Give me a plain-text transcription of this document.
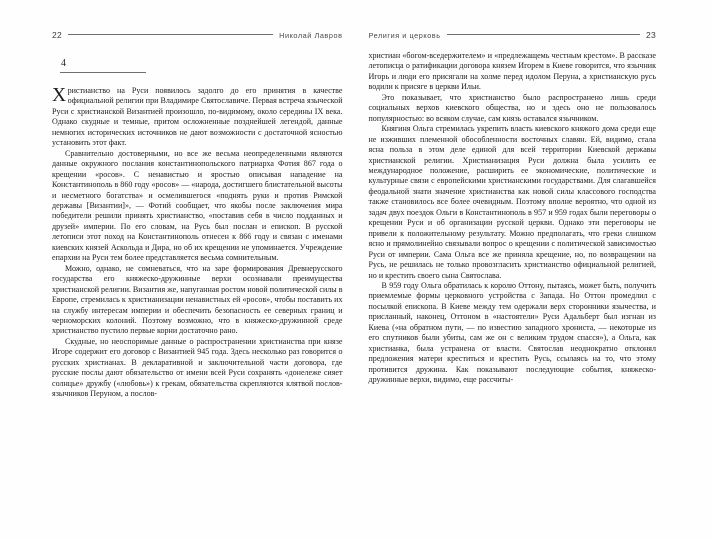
22	Николай Лавров
4

Христианство на Руси появилось задолго до его принятия в качестве официальной религии при Владимире Святославиче. Первая встреча языческой Руси с христианской Византией произошло, по-видимому, около середины IX века. Однако скудные и темные, притом осложненные позднейшей легендой, данные немногих исторических источников не дают возможности с достаточной ясностью установить этот факт.

Сравнительно достоверными, но все же весьма неопределенными являются данные окружного послания константинопольского патриарха Фотия 867 года о крещении «росов». С ненавистью и яростью описывая нападение на Константинополь в 860 году «росов» — «народа, достигшего блистательной высоты и несметного богатства» и осмелившегося «поднять руки и против Римской державы [Византии]», — Фотий сообщает, что якобы после заключения мира победители решили принять христианство, «поставив себя в число подданных и друзей» империи. По его словам, на Русь был послан и епископ. В русской летописи этот поход на Константинополь отнесен к 866 году и связан с именами киевских князей Аскольда и Дира, но об их крещении не упоминается. Учреждение епархии на Руси тем более представляется весьма сомнительным.

Можно, однако, не сомневаться, что на заре формирования Древнерусского государства его княжеско-дружинные верхи осознавали преимущества христианской религии. Византия же, напуганная ростом новой политической силы в Европе, стремилась к христианизации ненавистных ей «росов», чтобы поставить их на службу интересам империи и обеспечить безопасность ее северных границ и черноморских колоний. Поэтому возможно, что в княжеско-дружинной среде христианство пустило первые корни достаточно рано.

Скудные, но неоспоримые данные о распространении христианства при князе Игоре содержит его договор с Византией 945 года. Здесь несколько раз говорится о русских христианах. В декларативной и заключительной части договора, где русские послы дают обязательство от имени всей Руси сохранять «донележе сияет солнцье» дружбу («любовь») к грекам, обязательства скрепляются клятвой послов-язычников Перуном, а послов-

Религия и церковь	23

христиан «богом-вседержителем» и «предлежащемь честным крестом». В рассказе летописца о ратификации договора князем Игорем в Киеве говорится, что язычник Игорь и люди его присягали на холме перед идолом Перуна, а христианскую русь водили к присяге в церкви Ильи.

Это показывает, что христианство было распространено лишь среди социальных верхов киевского общества, но и здесь оно не пользовалось популярностью: во всяком случае, сам князь оставался язычником.

Княгиня Ольга стремилась укрепить власть киевского княжого дома среди еще не изживших племенной обособленности восточных славян. Ей, видимо, стала ясна польза в этом деле единой для всей территории Киевской державы христианской религии. Христианизация Руси должна была усилить ее международное положение, расширить ее экономические, политические и культурные связи с европейскими христианскими государствами. Для слагавшейся феодальной знати значение христианства как новой силы классового господства также становилось все более очевидным. Поэтому вполне вероятно, что одной из задач двух поездок Ольги в Константинополь в 957 и 959 годах были переговоры о крещении Руси и об организации русской церкви. Однако эти переговоры не привели к положительному результату. Можно предполагать, что греки слишком ясно и прямолинейно связывали вопрос о крещении с политической зависимостью Руси от империи. Сама Ольга все же приняла крещение, но, по возвращении на Русь, не решилась не только провозгласить христианство официальной религией, но и крестить своего сына Святослава.

В 959 году Ольга обратилась к королю Оттону, пытаясь, может быть, получить приемлемые формы церковного устройства с Запада. Но Оттон промедлил с посылкой епископа. В Киеве между тем одержали верх сторонники язычества, и присланный, наконец, Оттоном в «настоятели» Руси Адальберт был изгнан из Киева («на обратном пути, — по известию западного хрониста, — некоторые из его спутников были убиты, сам же он с великим трудом спасся»), а Ольга, как христианка, была устранена от власти. Святослав неоднократно отклонял предложения матери креститься и крестить Русь, ссылаясь на то, что этому противится дружина. Как показывают последующие события, княжеско-дружинные верхи, видимо, еще рассчиты-
